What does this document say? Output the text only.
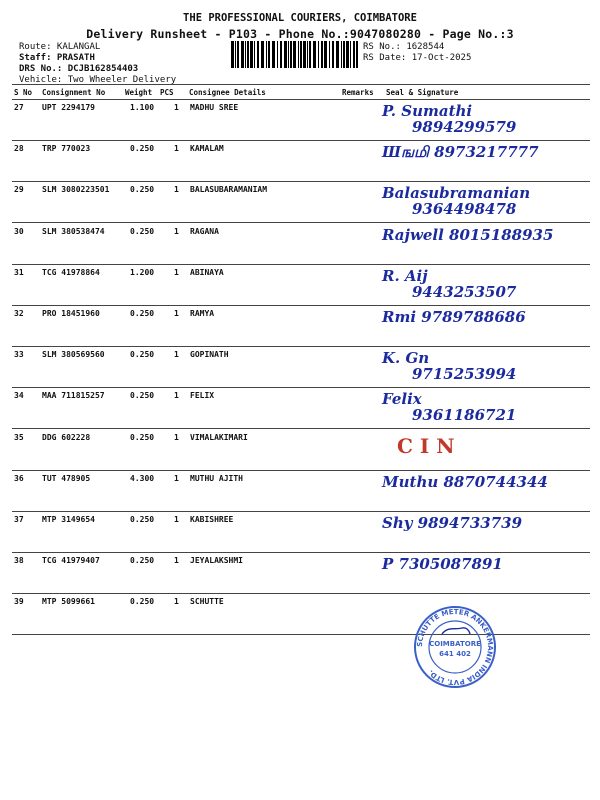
THE PROFESSIONAL COURIERS, COIMBATORE
Delivery Runsheet - P103 - Phone No.:9047080280 - Page No.:3
Route: KALANGAL
Staff: PRASATH
DRS No.: DCJB162854403
Vehicle: Two Wheeler Delivery
RS No.: 1628544
RS Date: 17-Oct-2025
S No Consignment No	Weight PCS Consignee Details	Remarks Seal & Signature
27 UPT 2294179	1.100 1 MADHU SREE	P. Sumathi
9894299579
28 TRP 770023	0.250 1 KAMALAM	Шஙமி 8973217777
29 SLM 3080223501	0.250 1 BALASUBARAMANIAM	Balasubramanian
9364498478
30 SLM 380538474	0.250 1 RAGANA	Rajwell 8015188935
31 TCG 41978864	1.200 1 ABINAYA	R. Aij
9443253507
32 PRO 18451960	0.250 1 RAMYA	Rmi 9789788686
33 SLM 380569560	0.250 1 GOPINATH	K. Gn
9715253994
34 MAA 711815257	0.250 1 FELIX	Felix
9361186721
35 DDG 602228	0.250 1 VIMALAKIMARI	C I N
36 TUT 478905	4.300 1 MUTHU AJITH	Muthu 8870744344
37 MTP 3149654	0.250 1 KABISHREE	Shy 9894733739
38 TCG 41979407	0.250 1 JEYALAKSHMI	P 7305087891
39 MTP 5099661	0.250 1 SCHUTTE
SCHUTTE METER ANKERMANN INDIA PVT. LTD.
COIMBATORE
641 402
